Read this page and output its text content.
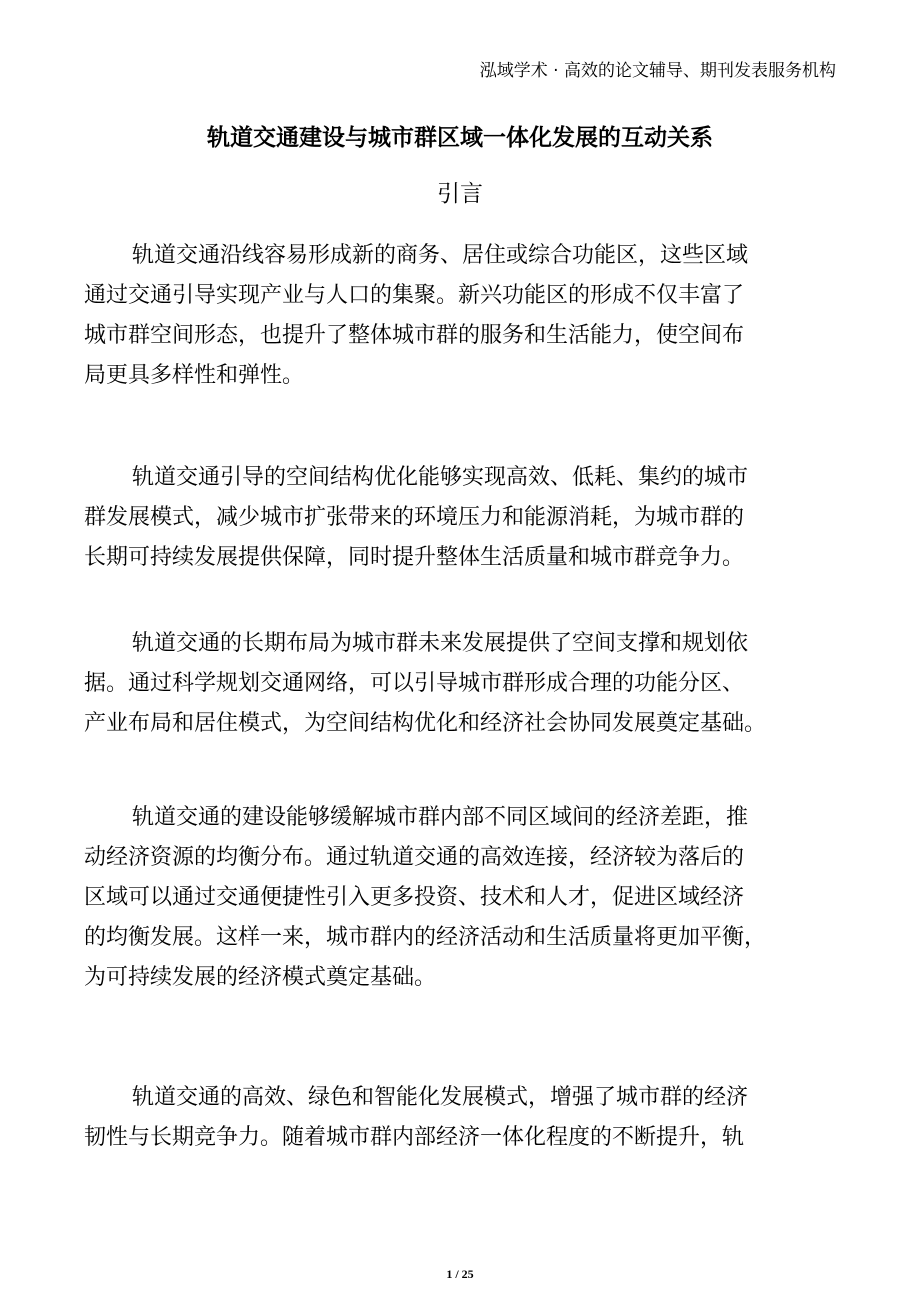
泓域学术 · 高效的论文辅导、期刊发表服务机构
轨道交通建设与城市群区域一体化发展的互动关系
引言
轨道交通沿线容易形成新的商务、居住或综合功能区，这些区域
通过交通引导实现产业与人口的集聚。新兴功能区的形成不仅丰富了
城市群空间形态，也提升了整体城市群的服务和生活能力，使空间布
局更具多样性和弹性。
轨道交通引导的空间结构优化能够实现高效、低耗、集约的城市
群发展模式，减少城市扩张带来的环境压力和能源消耗，为城市群的
长期可持续发展提供保障，同时提升整体生活质量和城市群竞争力。
轨道交通的长期布局为城市群未来发展提供了空间支撑和规划依
据。通过科学规划交通网络，可以引导城市群形成合理的功能分区、
产业布局和居住模式，为空间结构优化和经济社会协同发展奠定基础。
轨道交通的建设能够缓解城市群内部不同区域间的经济差距，推
动经济资源的均衡分布。通过轨道交通的高效连接，经济较为落后的
区域可以通过交通便捷性引入更多投资、技术和人才，促进区域经济
的均衡发展。这样一来，城市群内的经济活动和生活质量将更加平衡，
为可持续发展的经济模式奠定基础。
轨道交通的高效、绿色和智能化发展模式，增强了城市群的经济
韧性与长期竞争力。随着城市群内部经济一体化程度的不断提升，轨
1 / 25
